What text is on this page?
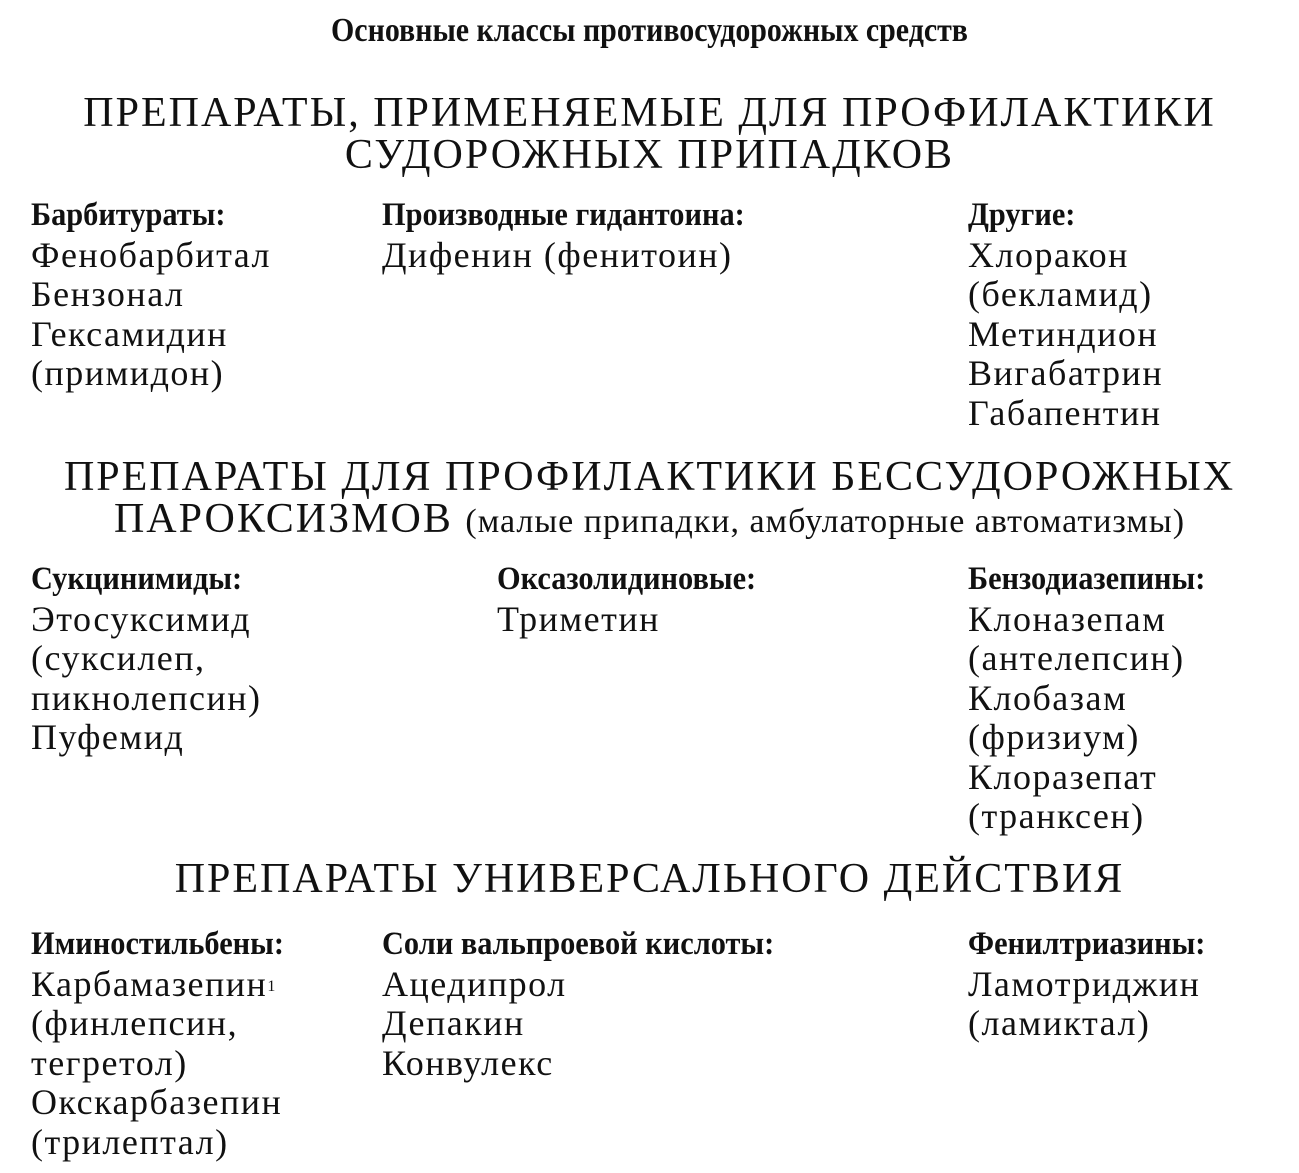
Основные классы противосудорожных средств
ПРЕПАРАТЫ, ПРИМЕНЯЕМЫЕ ДЛЯ ПРОФИЛАКТИКИ
СУДОРОЖНЫХ ПРИПАДКОВ
Барбитураты:
Фенобарбитал
Бензонал
Гексамидин
(примидон)
Производные гидантоина:
Дифенин (фенитоин)
Другие:
Хлоракон
(бекламид)
Метиндион
Вигабатрин
Габапентин
ПРЕПАРАТЫ ДЛЯ ПРОФИЛАКТИКИ БЕССУДОРОЖНЫХ
ПАРОКСИЗМОВ (малые припадки, амбулаторные автоматизмы)
Сукцинимиды:
Этосуксимид
(суксилеп,
пикнолепсин)
Пуфемид
Оксазолидиновые:
Триметин
Бензодиазепины:
Клоназепам
(антелепсин)
Клобазам
(фризиум)
Клоразепат
(транксен)
ПРЕПАРАТЫ УНИВЕРСАЛЬНОГО ДЕЙСТВИЯ
Иминостильбены:
Карбамазепин$^1$
(финлепсин,
тегретол)
Окскарбазепин
(трилептал)
Соли вальпроевой кислоты:
Ацедипрол
Депакин
Конвулекс
Фенилтриазины:
Ламотриджин
(ламиктал)
